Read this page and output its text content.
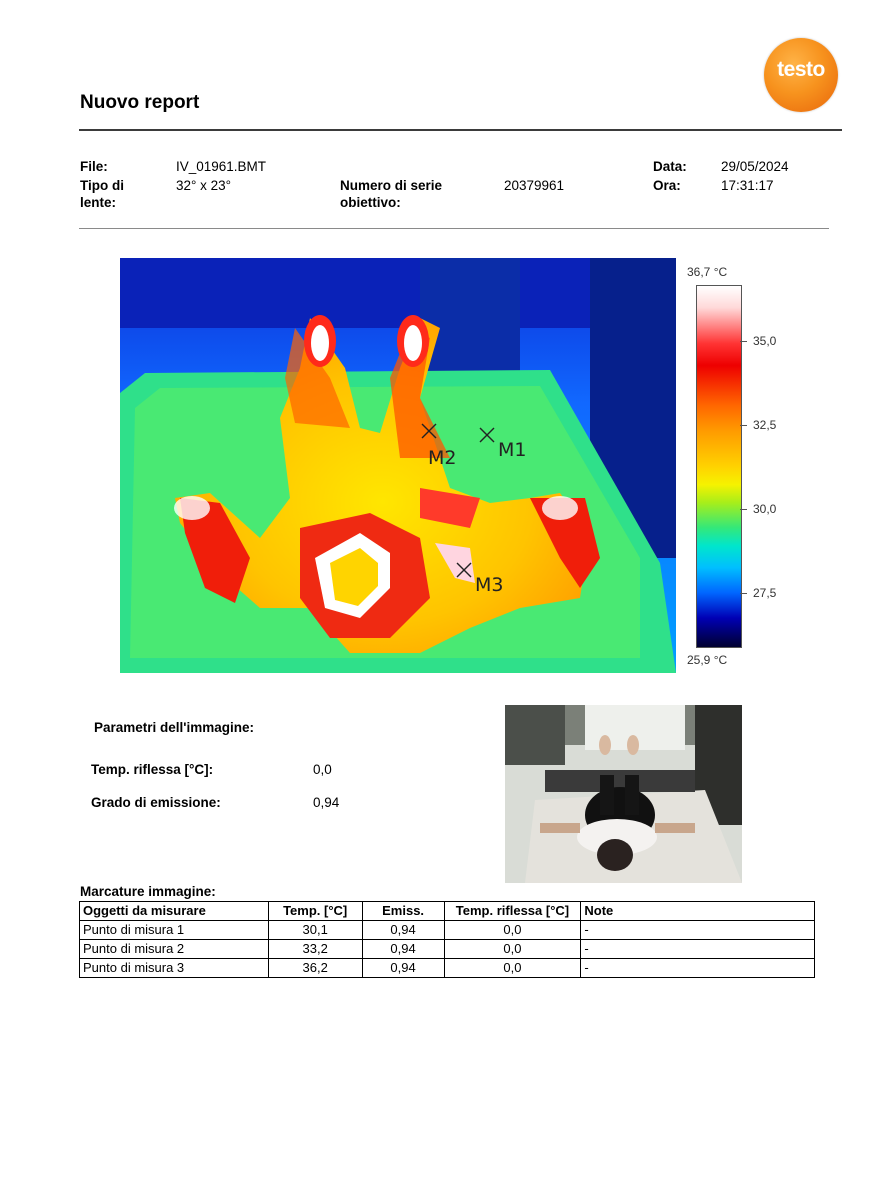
Nuovo report
testo
File:	IV_01961.BMT
Tipo di
lente:
32° x 23°	Numero di serie
obiettivo:
20379961
Data:	29/05/2024
Ora:	17:31:17
M1
M2
M3
36,7 °C
35,0
32,5
30,0
27,5
25,9 °C
Parametri dell'immagine:
Temp. riflessa [°C]:	0,0
Grado di emissione:	0,94
Marcature immagine:
Oggetti da misurare	Temp. [°C]	Emiss.	Temp. riflessa [°C]	Note
Punto di misura 1	30,1	0,94	0,0	-
Punto di misura 2	33,2	0,94	0,0	-
Punto di misura 3	36,2	0,94	0,0	-
